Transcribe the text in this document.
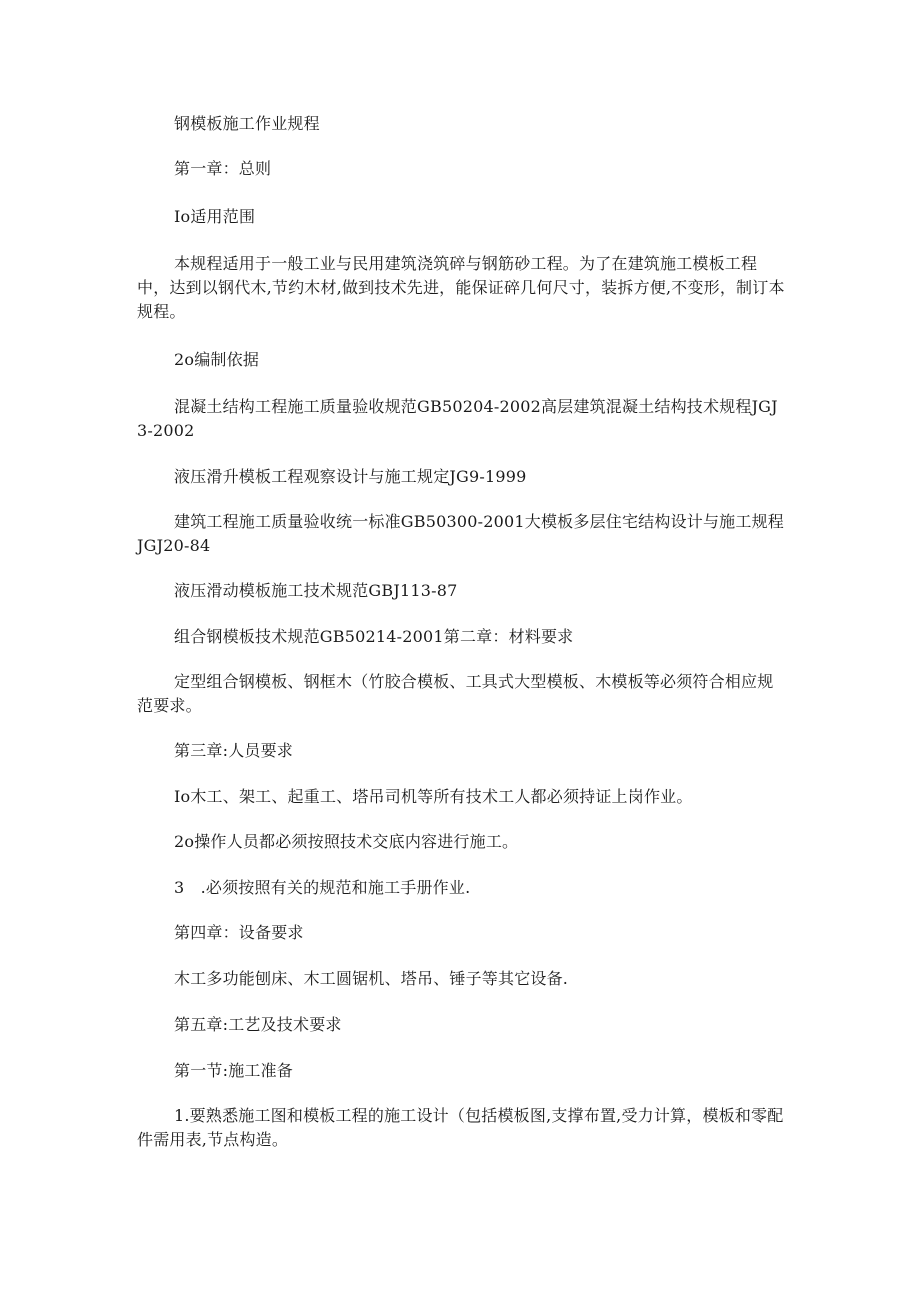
钢模板施工作业规程

第一章：总则

Io适用范围

本规程适用于一般工业与民用建筑浇筑碎与钢筋砂工程。为了在建筑施工模板工程中，达到以钢代木,节约木材,做到技术先进，能保证碎几何尺寸，装拆方便,不变形，制订本规程。

2o编制依据

混凝土结构工程施工质量验收规范GB50204-2002高层建筑混凝土结构技术规程JGJ3-2002

液压滑升模板工程观察设计与施工规定JG9-1999

建筑工程施工质量验收统一标准GB50300-2001大模板多层住宅结构设计与施工规程JGJ20-84

液压滑动模板施工技术规范GBJ113-87

组合钢模板技术规范GB50214-2001第二章：材料要求

定型组合钢模板、钢框木（竹胶合模板、工具式大型模板、木模板等必须符合相应规范要求。

第三章:人员要求

Io木工、架工、起重工、塔吊司机等所有技术工人都必须持证上岗作业。

2o操作人员都必须按照技术交底内容进行施工。

3　.必须按照有关的规范和施工手册作业.

第四章：设备要求

木工多功能刨床、木工圆锯机、塔吊、锤子等其它设备.

第五章:工艺及技术要求

第一节:施工准备

1.要熟悉施工图和模板工程的施工设计（包括模板图,支撑布置,受力计算，模板和零配件需用表,节点构造。
